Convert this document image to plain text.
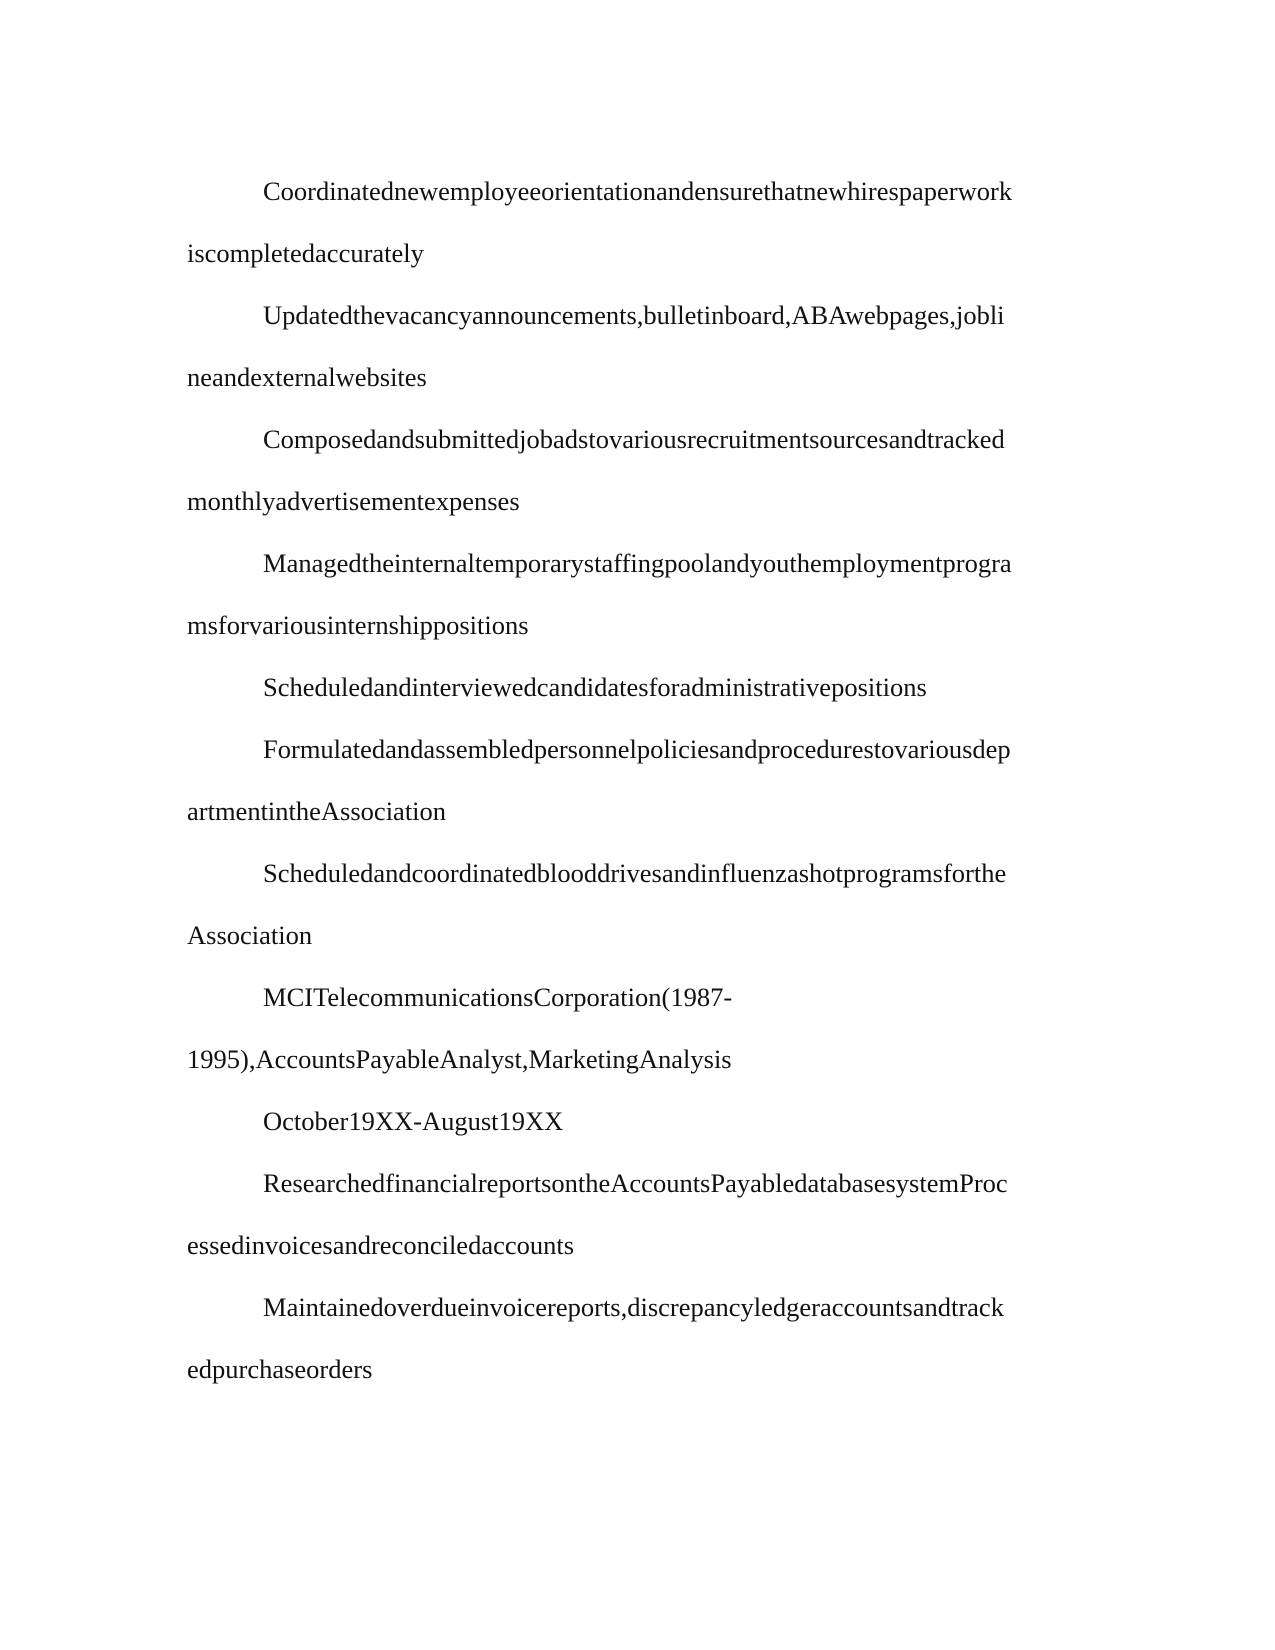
Coordinatednewemployeeorientationandensurethatnewhirespaperwork
iscompletedaccurately
Updatedthevacancyannouncements,bulletinboard,ABAwebpages,jobli
neandexternalwebsites
Composedandsubmittedjobadstovariousrecruitmentsourcesandtracked
monthlyadvertisementexpenses
Managedtheinternaltemporarystaffingpoolandyouthemploymentprogra
msforvariousinternshippositions
Scheduledandinterviewedcandidatesforadministrativepositions
Formulatedandassembledpersonnelpoliciesandprocedurestovariousdep
artmentintheAssociation
Scheduledandcoordinatedblooddrivesandinfluenzashotprogramsforthe
Association
MCITelecommunicationsCorporation(1987-
1995),AccountsPayableAnalyst,MarketingAnalysis
October19XX-August19XX
ResearchedfinancialreportsontheAccountsPayabledatabasesystemProc
essedinvoicesandreconciledaccounts
Maintainedoverdueinvoicereports,discrepancyledgeraccountsandtrack
edpurchaseorders
